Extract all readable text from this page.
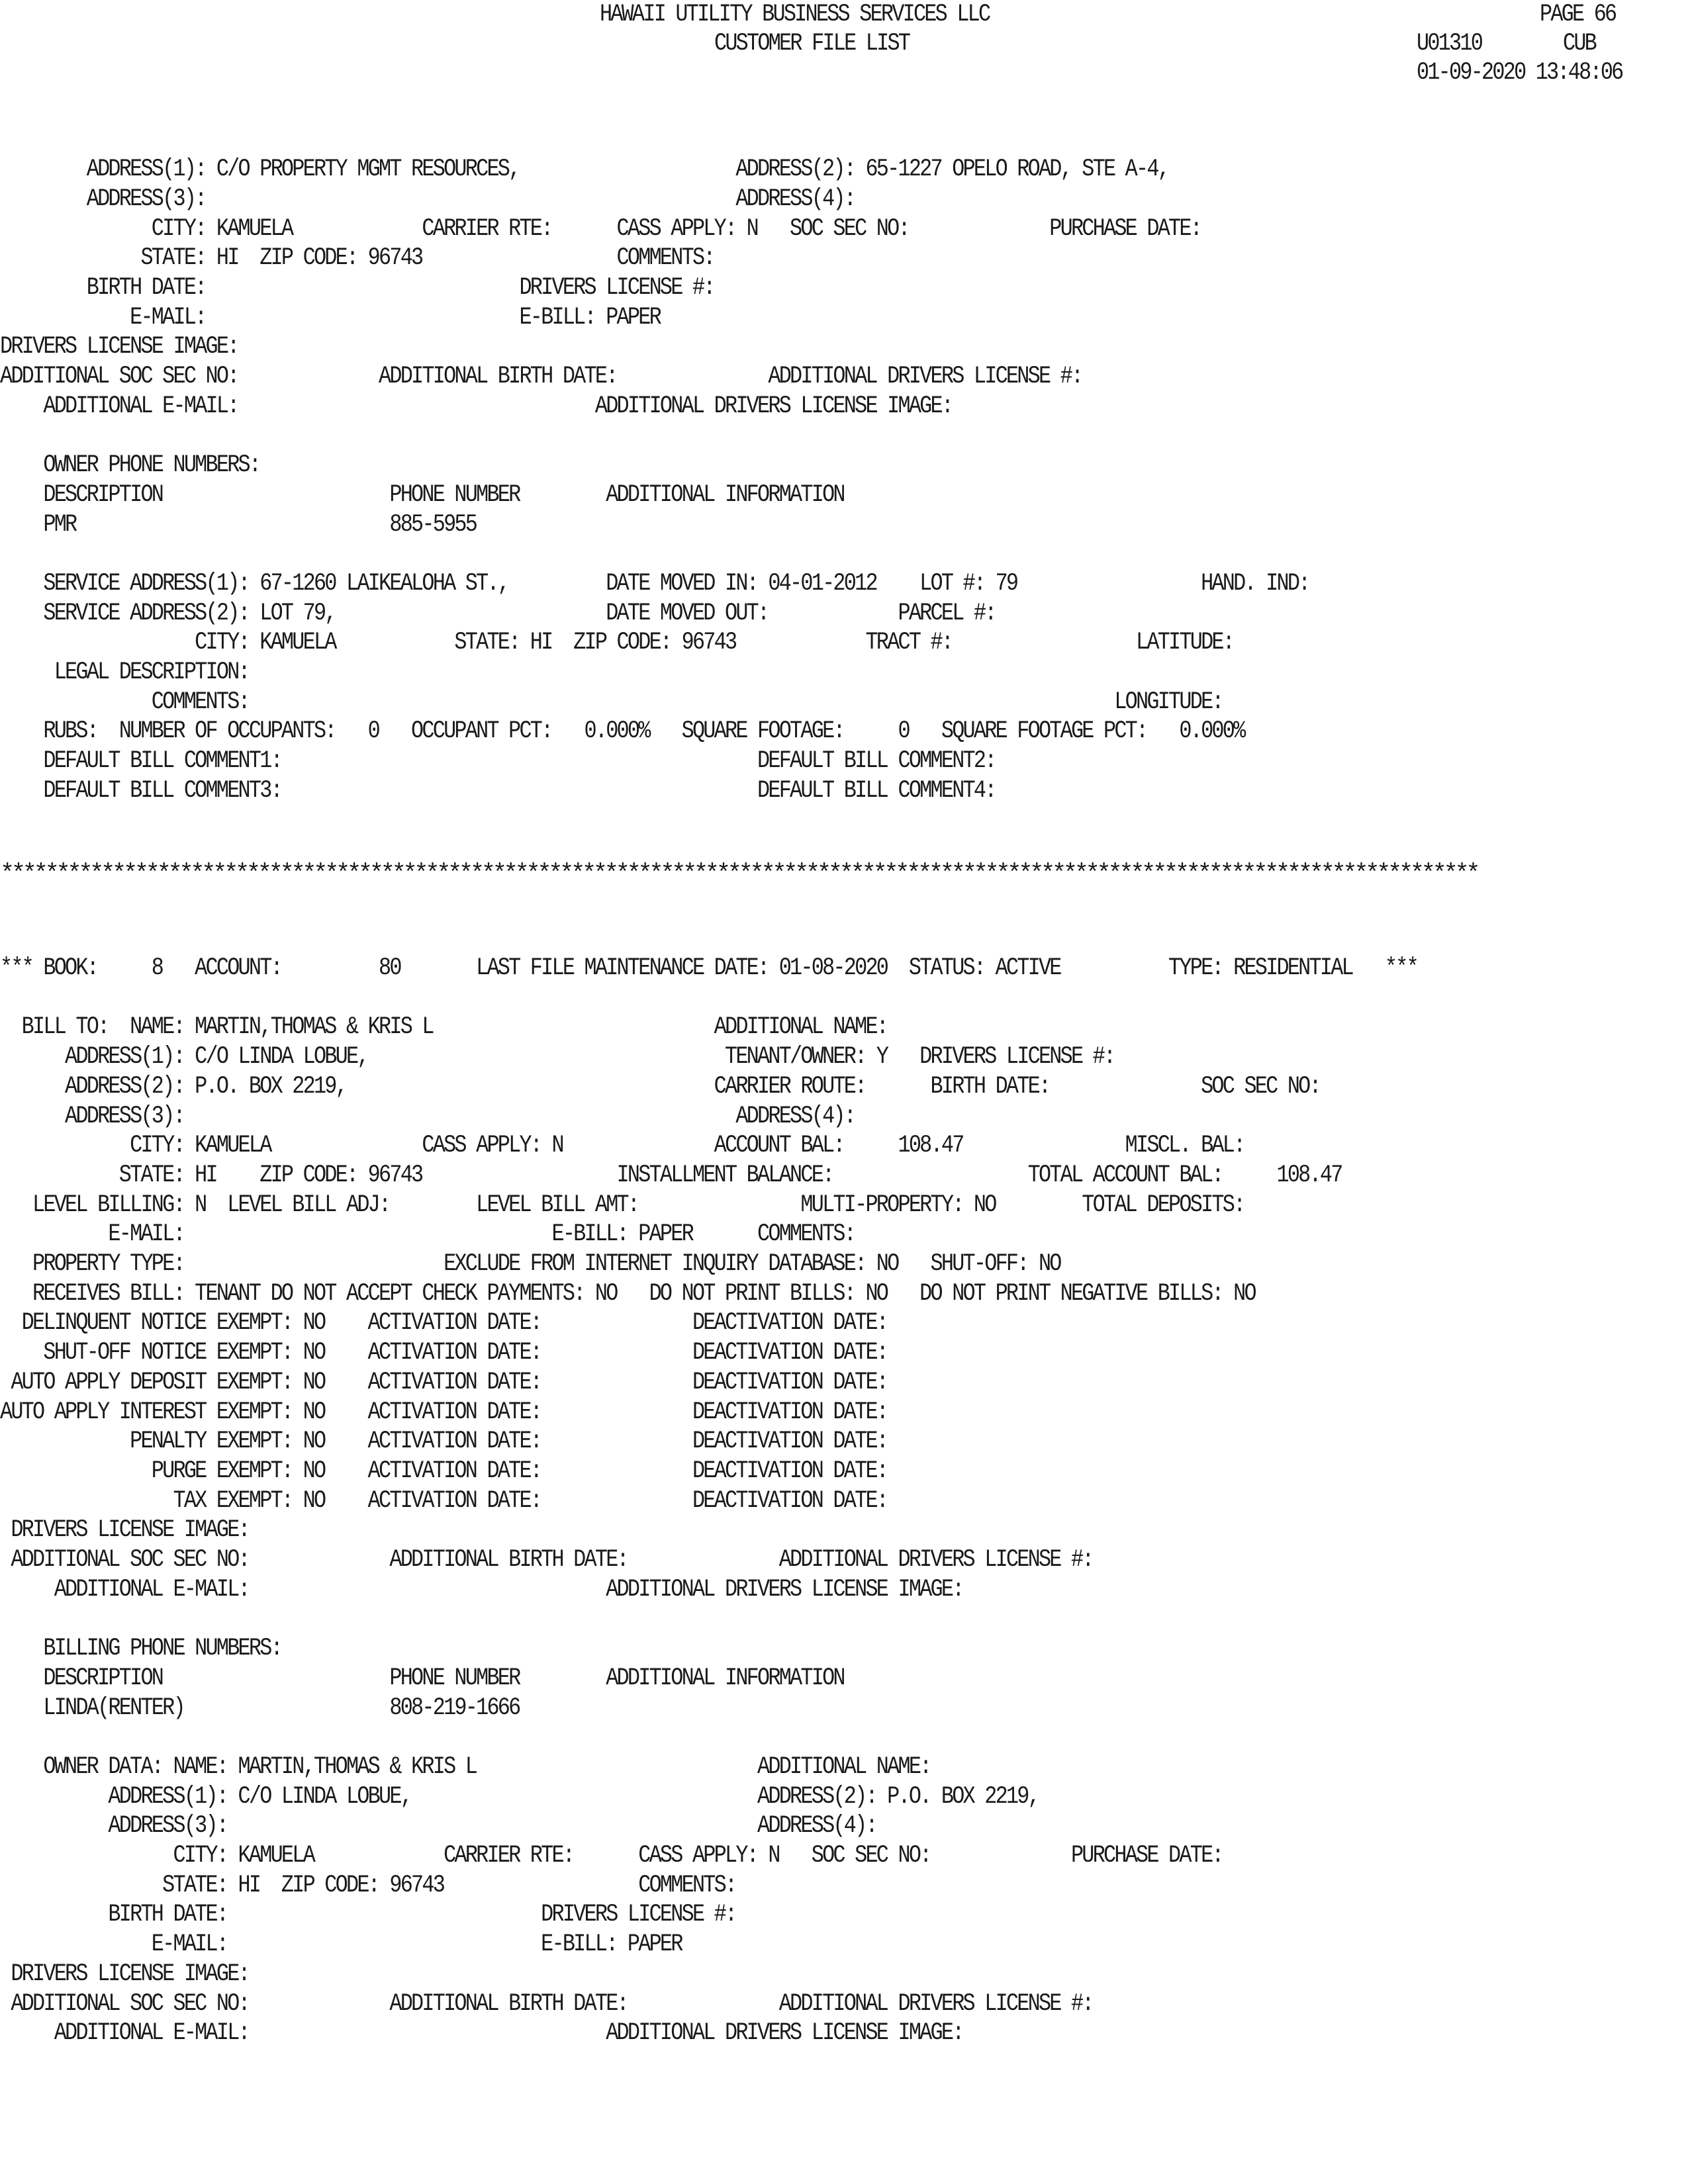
HAWAII UTILITY BUSINESS SERVICES LLC
CUSTOMER FILE LIST
PAGE 66
U01310	CUB
01-09-2020 13:48:06
************************************************************************************************************************************
ADDRESS(1): C/O PROPERTY MGMT RESOURCES,                    ADDRESS(2): 65-1227 OPELO ROAD, STE A-4,
ADDRESS(3):                                                 ADDRESS(4):
CITY: KAMUELA            CARRIER RTE:      CASS APPLY: N   SOC SEC NO:             PURCHASE DATE:
STATE: HI  ZIP CODE: 96743                  COMMENTS:
BIRTH DATE:                             DRIVERS LICENSE #:
E-MAIL:                             E-BILL: PAPER
DRIVERS LICENSE IMAGE:
ADDITIONAL SOC SEC NO:             ADDITIONAL BIRTH DATE:              ADDITIONAL DRIVERS LICENSE #:
ADDITIONAL E-MAIL:                                 ADDITIONAL DRIVERS LICENSE IMAGE:
OWNER PHONE NUMBERS:
DESCRIPTION                     PHONE NUMBER        ADDITIONAL INFORMATION
PMR                             885-5955
SERVICE ADDRESS(1): 67-1260 LAIKEALOHA ST.,         DATE MOVED IN: 04-01-2012    LOT #: 79                 HAND. IND:
SERVICE ADDRESS(2): LOT 79,                         DATE MOVED OUT:            PARCEL #:
CITY: KAMUELA           STATE: HI  ZIP CODE: 96743            TRACT #:                 LATITUDE:
LEGAL DESCRIPTION:
COMMENTS:                                                                                LONGITUDE:
RUBS:  NUMBER OF OCCUPANTS:   0   OCCUPANT PCT:   0.000%   SQUARE FOOTAGE:     0   SQUARE FOOTAGE PCT:   0.000%
DEFAULT BILL COMMENT1:                                            DEFAULT BILL COMMENT2:
DEFAULT BILL COMMENT3:                                            DEFAULT BILL COMMENT4:
*** BOOK:     8   ACCOUNT:         80       LAST FILE MAINTENANCE DATE: 01-08-2020  STATUS: ACTIVE          TYPE: RESIDENTIAL   ***
BILL TO:  NAME: MARTIN,THOMAS & KRIS L                          ADDITIONAL NAME:
ADDRESS(1): C/O LINDA LOBUE,                                 TENANT/OWNER: Y   DRIVERS LICENSE #:
ADDRESS(2): P.O. BOX 2219,                                  CARRIER ROUTE:      BIRTH DATE:              SOC SEC NO:
ADDRESS(3):                                                   ADDRESS(4):
CITY: KAMUELA              CASS APPLY: N              ACCOUNT BAL:     108.47               MISCL. BAL:
STATE: HI    ZIP CODE: 96743                  INSTALLMENT BALANCE:                  TOTAL ACCOUNT BAL:     108.47
LEVEL BILLING: N  LEVEL BILL ADJ:        LEVEL BILL AMT:               MULTI-PROPERTY: NO        TOTAL DEPOSITS:
E-MAIL:                                  E-BILL: PAPER      COMMENTS:
PROPERTY TYPE:                        EXCLUDE FROM INTERNET INQUIRY DATABASE: NO   SHUT-OFF: NO
RECEIVES BILL: TENANT DO NOT ACCEPT CHECK PAYMENTS: NO   DO NOT PRINT BILLS: NO   DO NOT PRINT NEGATIVE BILLS: NO
DELINQUENT NOTICE EXEMPT: NO    ACTIVATION DATE:              DEACTIVATION DATE:
SHUT-OFF NOTICE EXEMPT: NO    ACTIVATION DATE:              DEACTIVATION DATE:
AUTO APPLY DEPOSIT EXEMPT: NO    ACTIVATION DATE:              DEACTIVATION DATE:
AUTO APPLY INTEREST EXEMPT: NO    ACTIVATION DATE:              DEACTIVATION DATE:
PENALTY EXEMPT: NO    ACTIVATION DATE:              DEACTIVATION DATE:
PURGE EXEMPT: NO    ACTIVATION DATE:              DEACTIVATION DATE:
TAX EXEMPT: NO    ACTIVATION DATE:              DEACTIVATION DATE:
DRIVERS LICENSE IMAGE:
ADDITIONAL SOC SEC NO:             ADDITIONAL BIRTH DATE:              ADDITIONAL DRIVERS LICENSE #:
ADDITIONAL E-MAIL:                                 ADDITIONAL DRIVERS LICENSE IMAGE:
BILLING PHONE NUMBERS:
DESCRIPTION                     PHONE NUMBER        ADDITIONAL INFORMATION
LINDA(RENTER)                   808-219-1666
OWNER DATA: NAME: MARTIN,THOMAS & KRIS L                          ADDITIONAL NAME:
ADDRESS(1): C/O LINDA LOBUE,                                ADDRESS(2): P.O. BOX 2219,
ADDRESS(3):                                                 ADDRESS(4):
CITY: KAMUELA            CARRIER RTE:      CASS APPLY: N   SOC SEC NO:             PURCHASE DATE:
STATE: HI  ZIP CODE: 96743                  COMMENTS:
BIRTH DATE:                             DRIVERS LICENSE #:
E-MAIL:                             E-BILL: PAPER
DRIVERS LICENSE IMAGE:
ADDITIONAL SOC SEC NO:             ADDITIONAL BIRTH DATE:              ADDITIONAL DRIVERS LICENSE #:
ADDITIONAL E-MAIL:                                 ADDITIONAL DRIVERS LICENSE IMAGE:
